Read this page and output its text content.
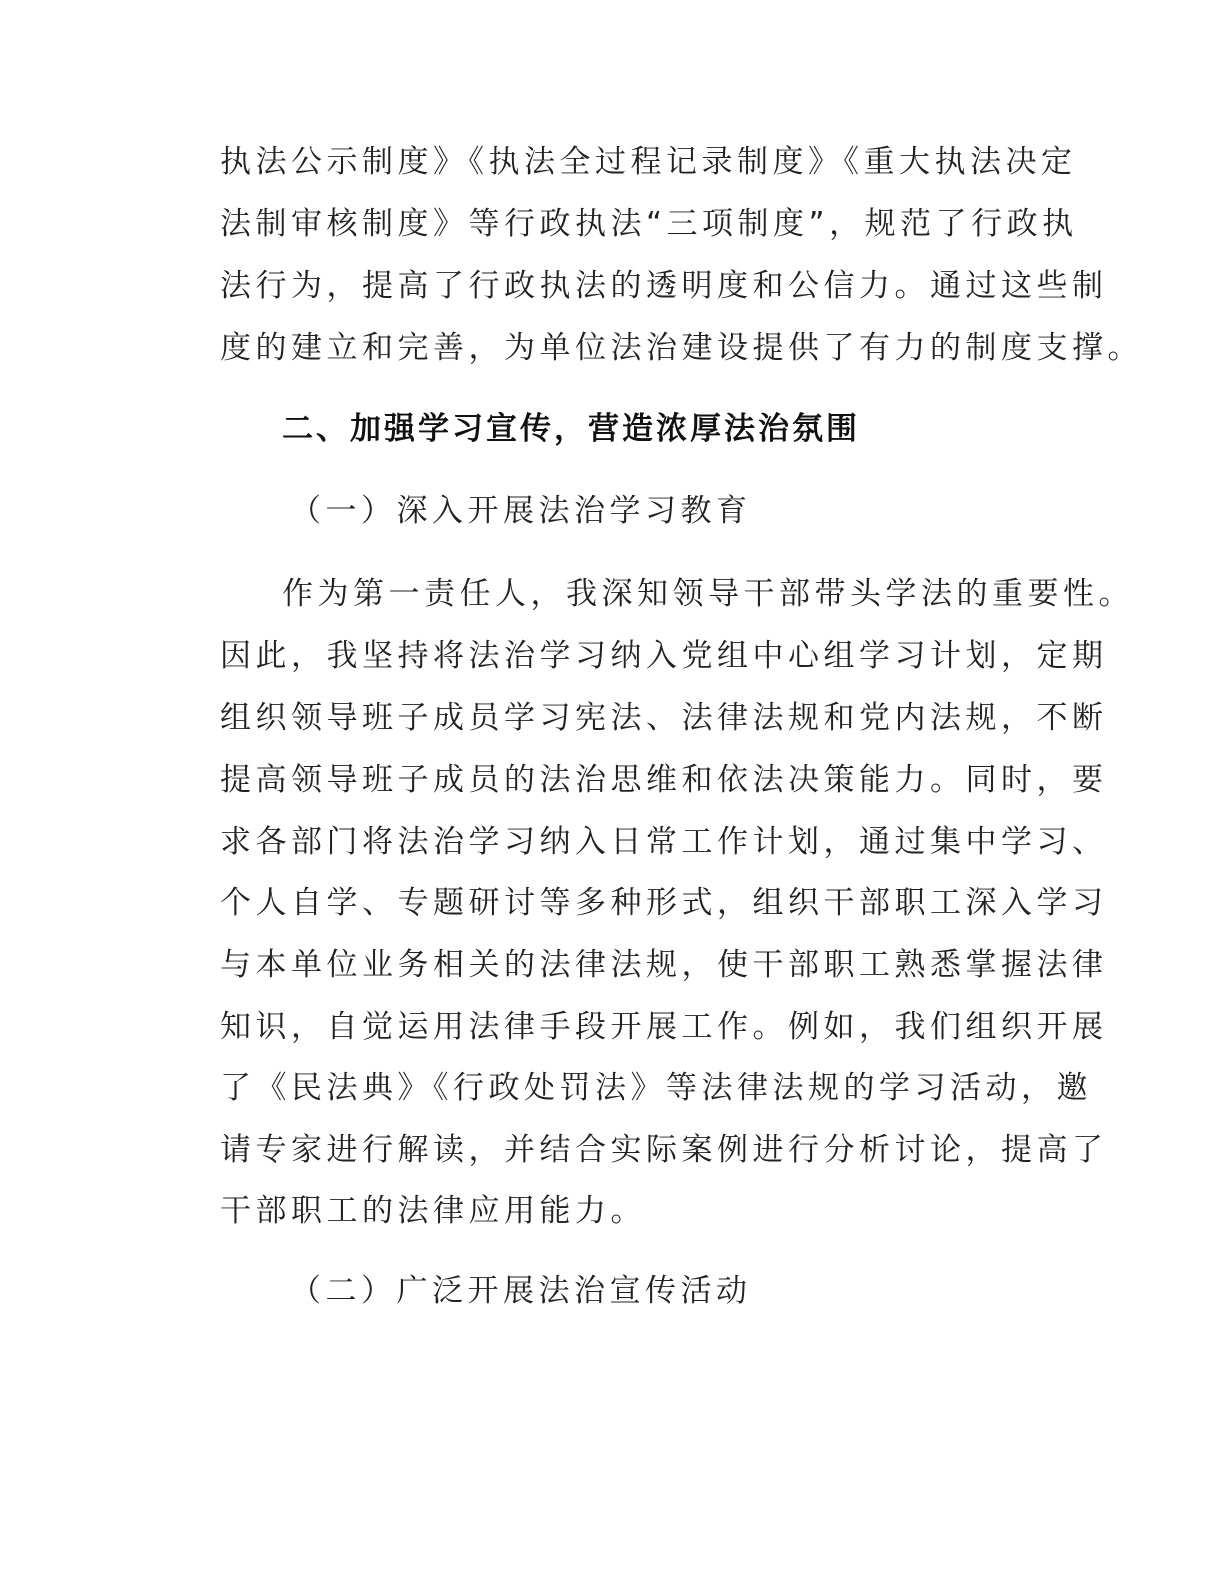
执法公示制度》《执法全过程记录制度》《重大执法决定
法制审核制度》等行政执法“三项制度”，规范了行政执
法行为，提高了行政执法的透明度和公信力。通过这些制
度的建立和完善，为单位法治建设提供了有力的制度支撑。
二、加强学习宣传，营造浓厚法治氛围
（一）深入开展法治学习教育
作为第一责任人，我深知领导干部带头学法的重要性。
因此，我坚持将法治学习纳入党组中心组学习计划，定期
组织领导班子成员学习宪法、法律法规和党内法规，不断
提高领导班子成员的法治思维和依法决策能力。同时，要
求各部门将法治学习纳入日常工作计划，通过集中学习、
个人自学、专题研讨等多种形式，组织干部职工深入学习
与本单位业务相关的法律法规，使干部职工熟悉掌握法律
知识，自觉运用法律手段开展工作。例如，我们组织开展
了《民法典》《行政处罚法》等法律法规的学习活动，邀
请专家进行解读，并结合实际案例进行分析讨论，提高了
干部职工的法律应用能力。
（二）广泛开展法治宣传活动
